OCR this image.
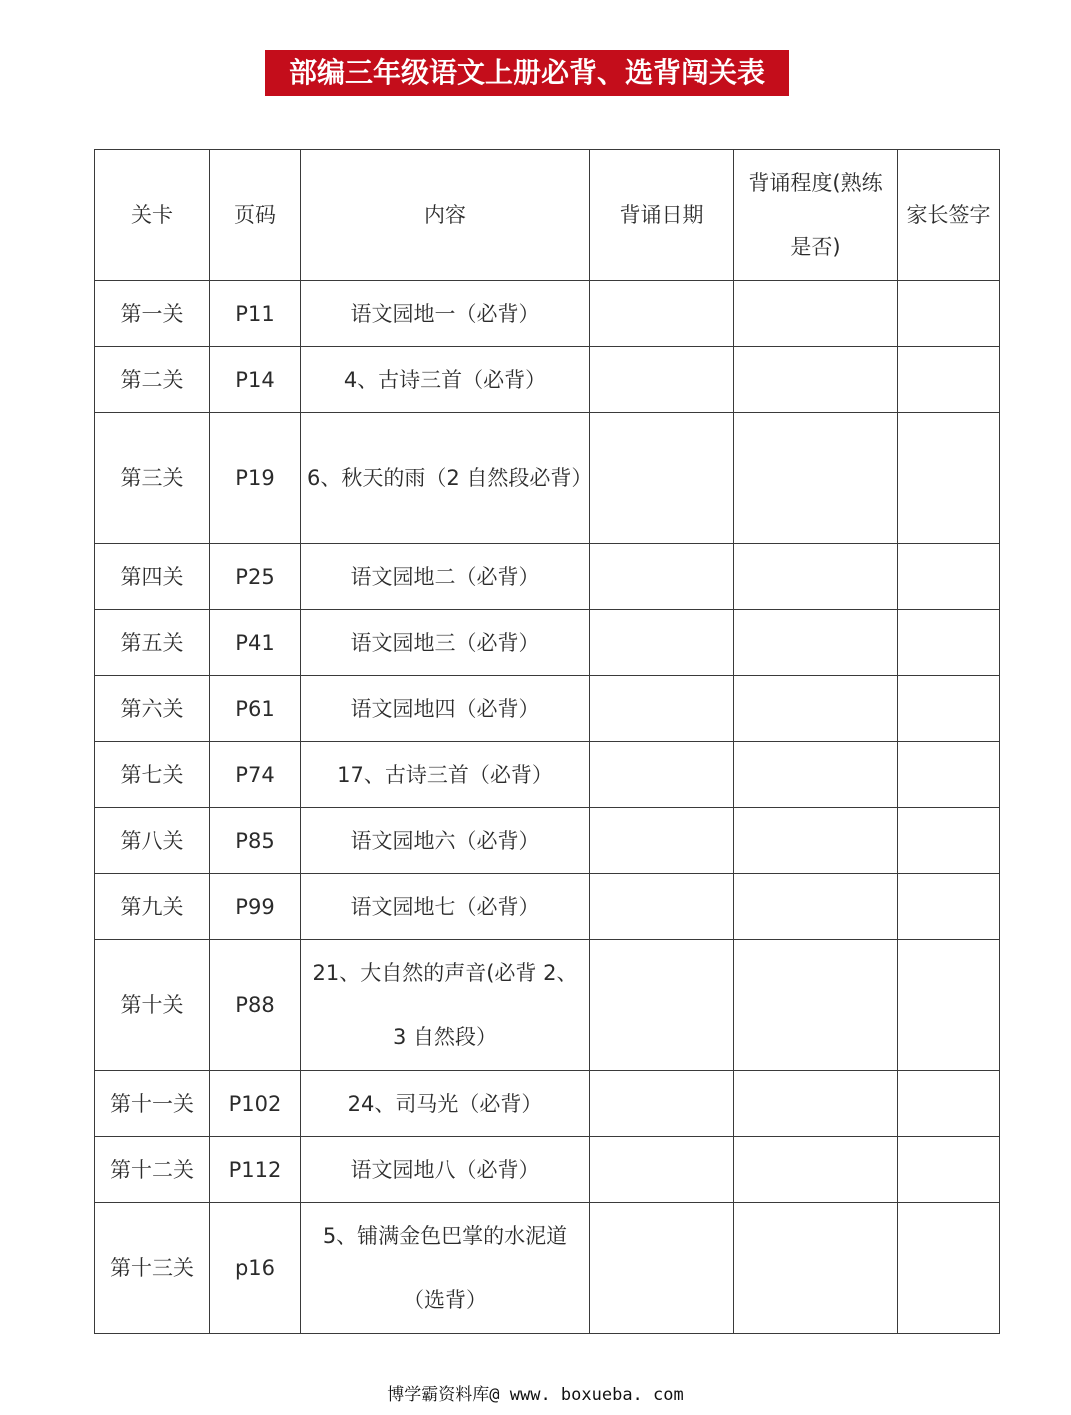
部编三年级语文上册必背、选背闯关表
关卡	页码	内容	背诵日期	背诵程度(熟练是否)	家长签字
第一关	P11	语文园地一（必背）			
第二关	P14	4、古诗三首（必背）			
第三关	P19	6、秋天的雨（2 自然段必背）			
第四关	P25	语文园地二（必背）			
第五关	P41	语文园地三（必背）			
第六关	P61	语文园地四（必背）			
第七关	P74	17、古诗三首（必背）			
第八关	P85	语文园地六（必背）			
第九关	P99	语文园地七（必背）			
第十关	P88	21、大自然的声音(必背 2、3 自然段）			
第十一关	P102	24、司马光（必背）			
第十二关	P112	语文园地八（必背）			
第十三关	p16	5、铺满金色巴掌的水泥道（选背）			
博学霸资料库@ www. boxueba. com
